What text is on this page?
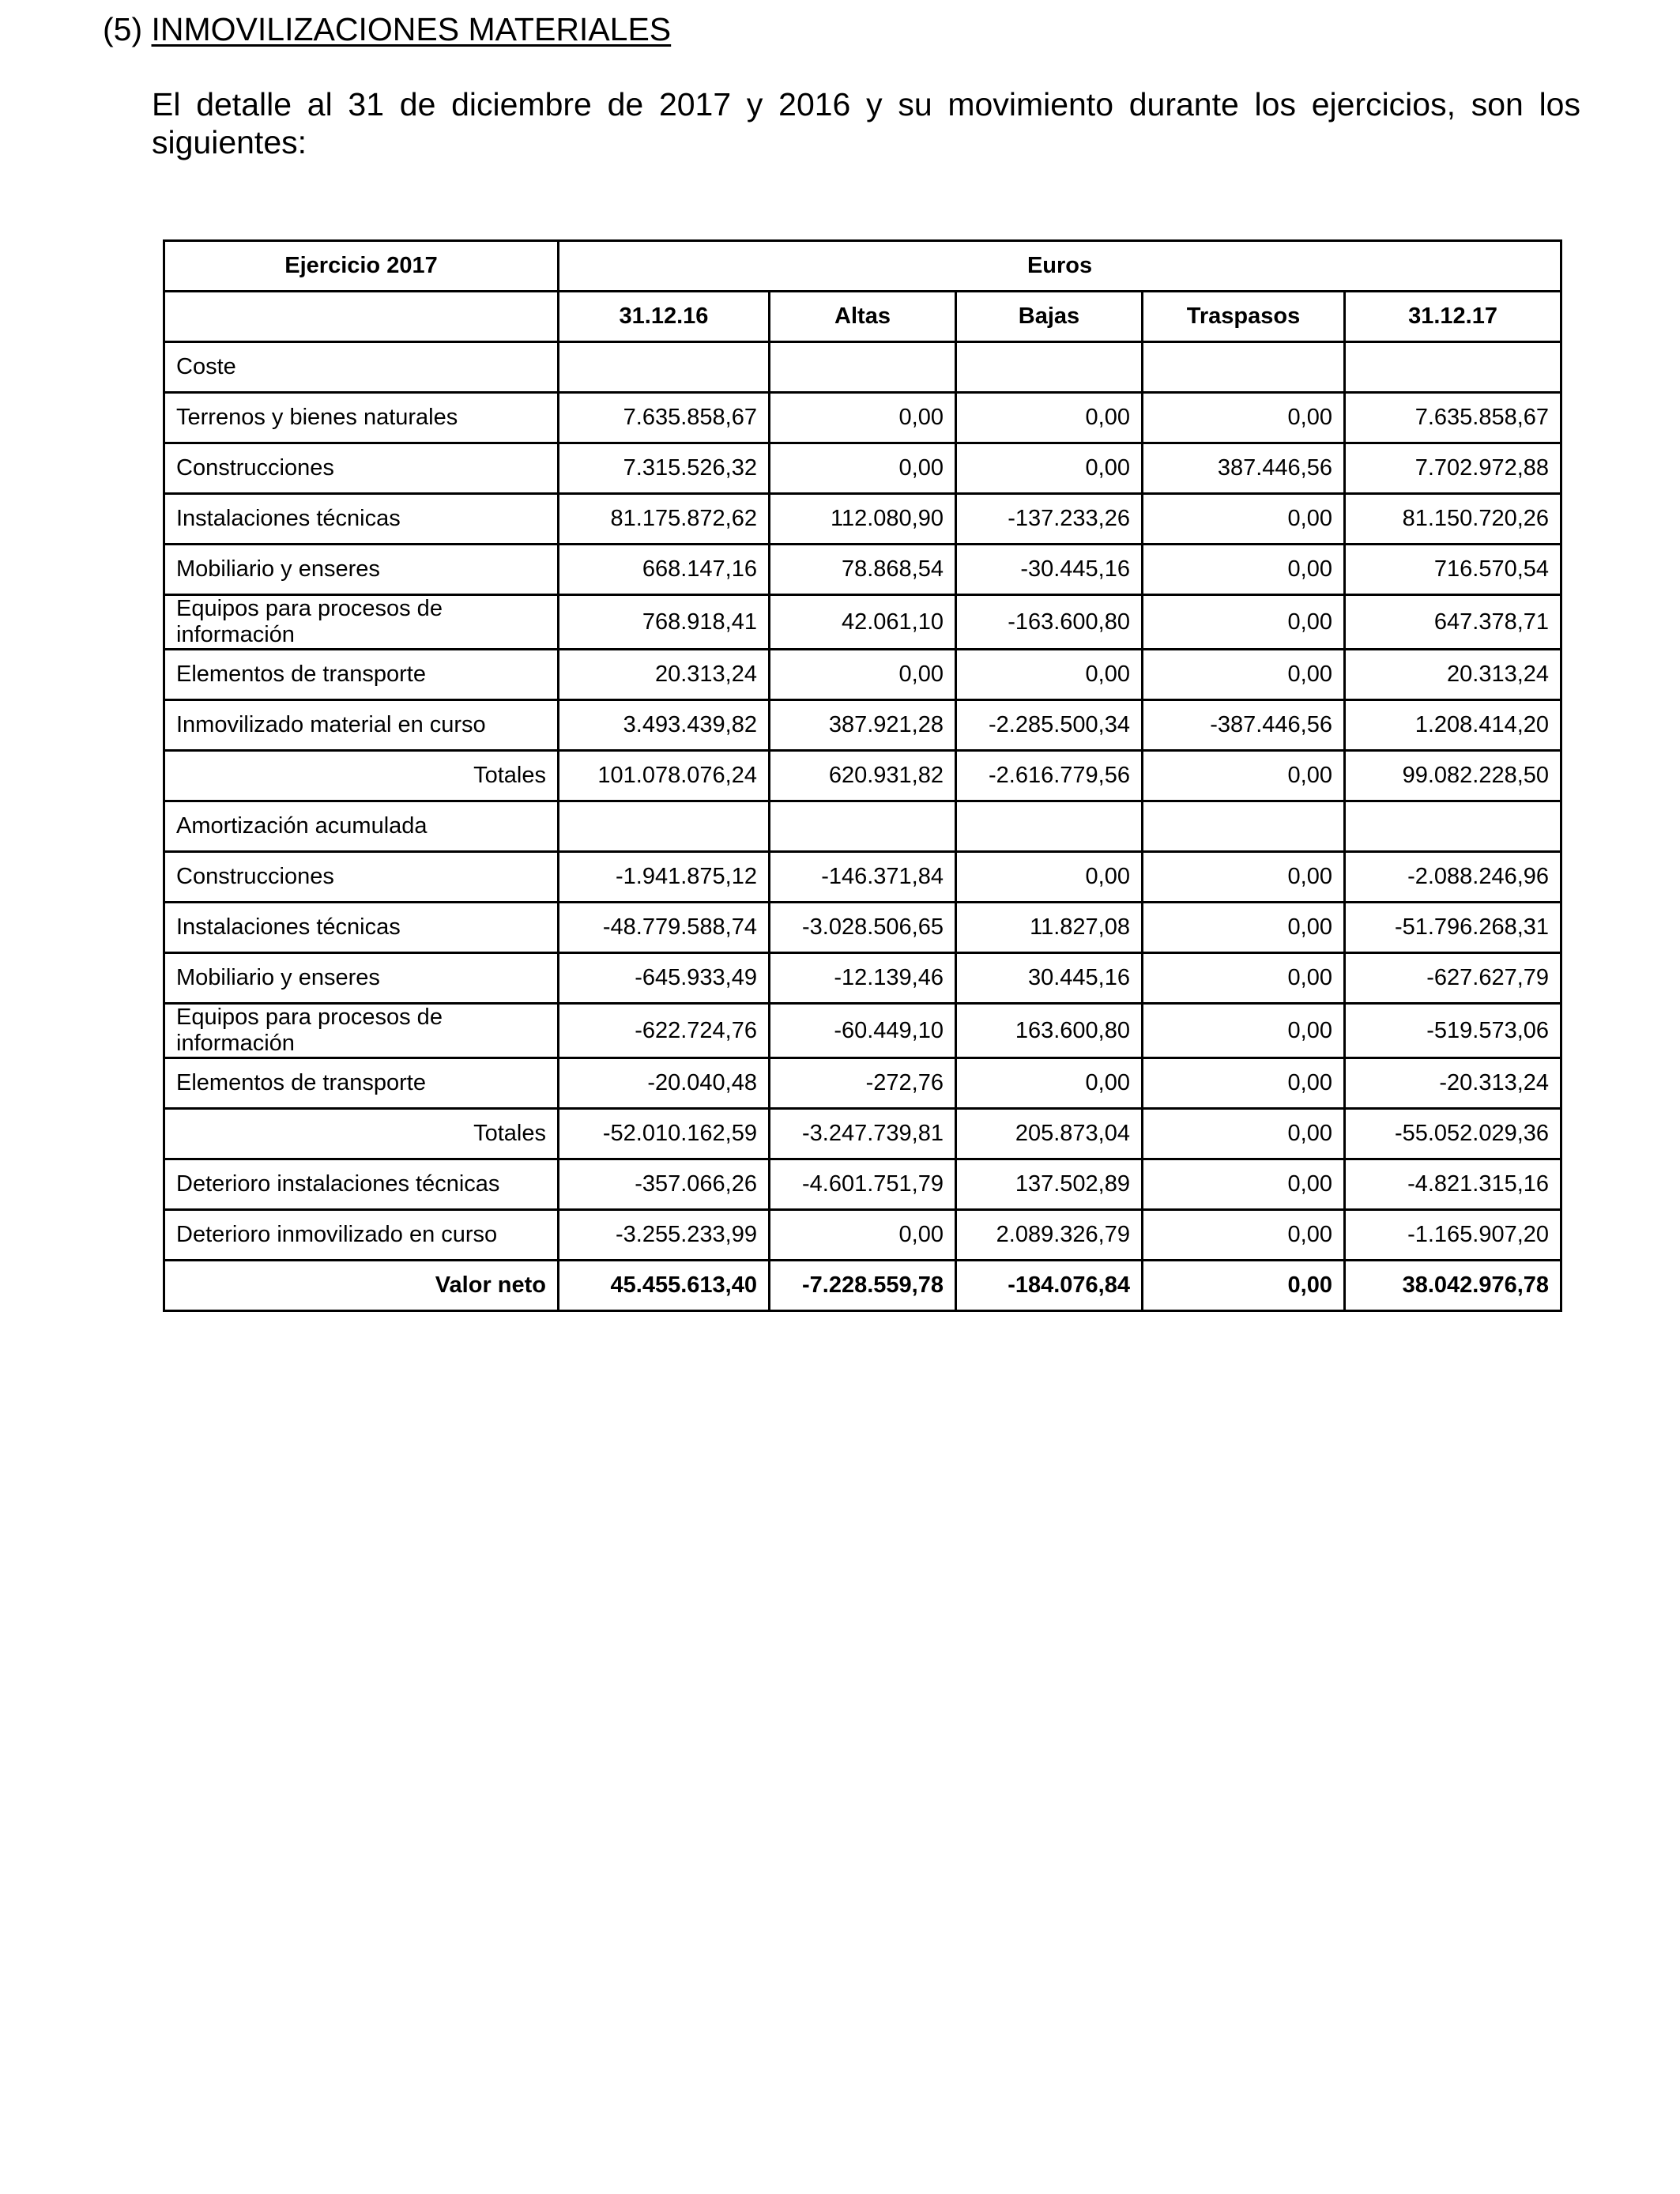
(5) INMOVILIZACIONES MATERIALES
El detalle al 31 de diciembre de 2017 y 2016 y su movimiento durante los ejercicios, son los siguientes:
Ejercicio 2017	Euros				
	31.12.16	Altas	Bajas	Traspasos	31.12.17
Coste					
Terrenos y bienes naturales	7.635.858,67	0,00	0,00	0,00	7.635.858,67
Construcciones	7.315.526,32	0,00	0,00	387.446,56	7.702.972,88
Instalaciones técnicas	81.175.872,62	112.080,90	-137.233,26	0,00	81.150.720,26
Mobiliario y enseres	668.147,16	78.868,54	-30.445,16	0,00	716.570,54
Equipos para procesos de información	768.918,41	42.061,10	-163.600,80	0,00	647.378,71
Elementos de transporte	20.313,24	0,00	0,00	0,00	20.313,24
Inmovilizado material en curso	3.493.439,82	387.921,28	-2.285.500,34	-387.446,56	1.208.414,20
Totales	101.078.076,24	620.931,82	-2.616.779,56	0,00	99.082.228,50
Amortización acumulada					
Construcciones	-1.941.875,12	-146.371,84	0,00	0,00	-2.088.246,96
Instalaciones técnicas	-48.779.588,74	-3.028.506,65	11.827,08	0,00	-51.796.268,31
Mobiliario y enseres	-645.933,49	-12.139,46	30.445,16	0,00	-627.627,79
Equipos para procesos de información	-622.724,76	-60.449,10	163.600,80	0,00	-519.573,06
Elementos de transporte	-20.040,48	-272,76	0,00	0,00	-20.313,24
Totales	-52.010.162,59	-3.247.739,81	205.873,04	0,00	-55.052.029,36
Deterioro instalaciones técnicas	-357.066,26	-4.601.751,79	137.502,89	0,00	-4.821.315,16
Deterioro inmovilizado en curso	-3.255.233,99	0,00	2.089.326,79	0,00	-1.165.907,20
Valor neto	45.455.613,40	-7.228.559,78	-184.076,84	0,00	38.042.976,78
